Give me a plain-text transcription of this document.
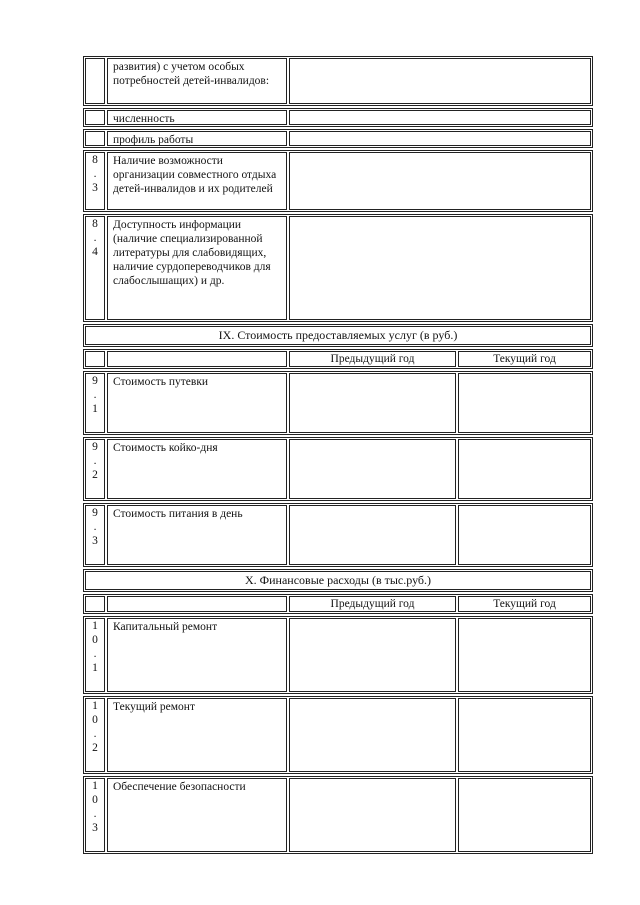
развития) с учетом особых потребностей детей-инвалидов:
численность
профиль работы
8
.
3
Наличие возможности организации совместного отдыха детей-инвалидов и их родителей
8
.
4
Доступность информации (наличие специализированной литературы для слабовидящих, наличие сурдопереводчиков для слабослышащих) и др.
IX. Стоимость предоставляемых услуг (в руб.)
Предыдущий год	Текущий год
9
.
1
Стоимость путевки
9
.
2
Стоимость койко-дня
9
.
3
Стоимость питания в день
X. Финансовые расходы (в тыс.руб.)
Предыдущий год	Текущий год
1
0
.
1
Капитальный ремонт
1
0
.
2
Текущий ремонт
1
0
.
3
Обеспечение безопасности
